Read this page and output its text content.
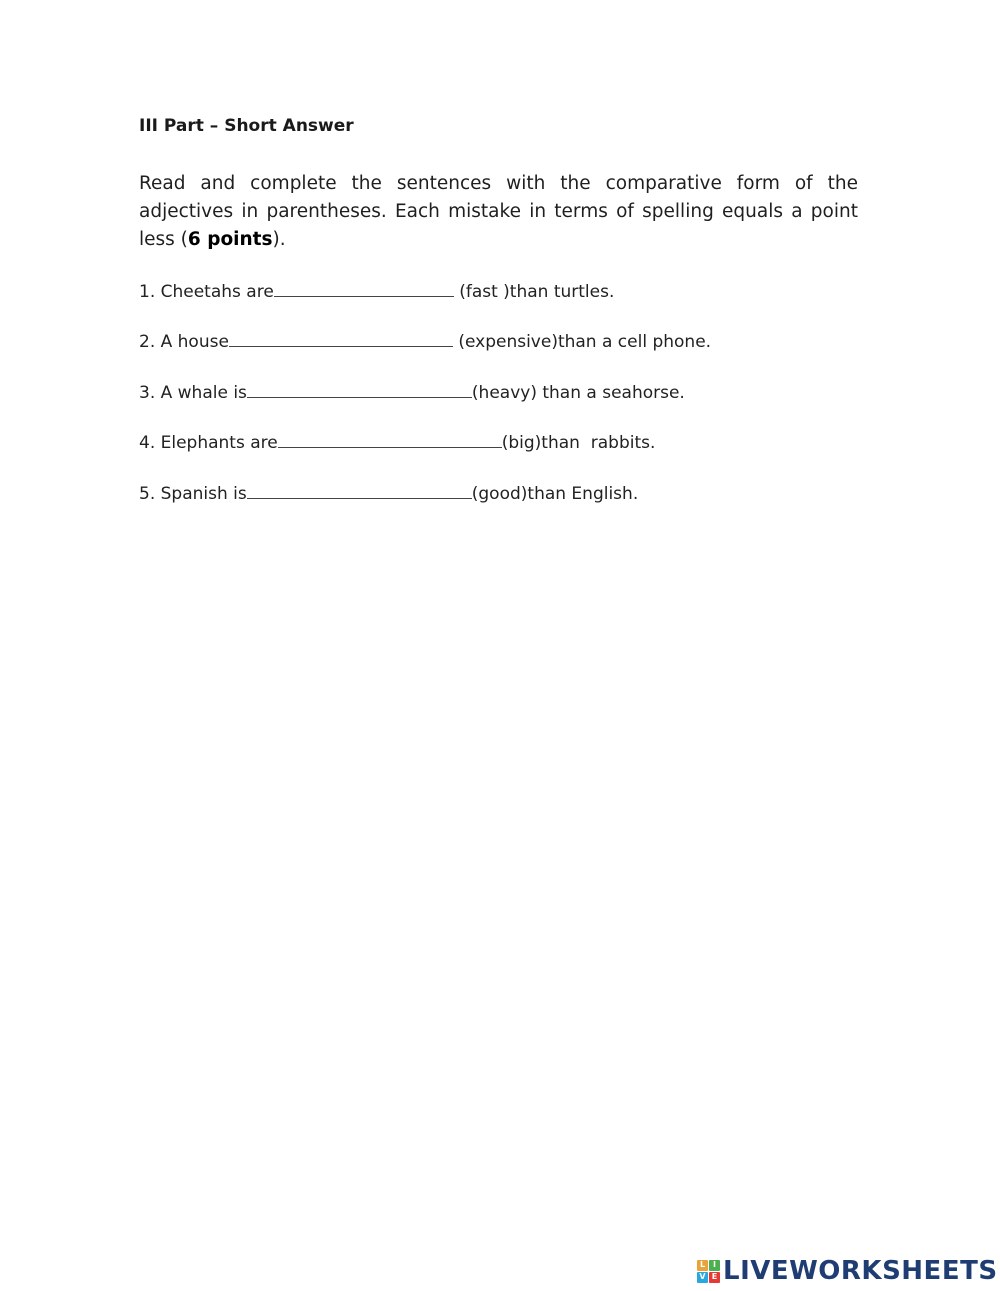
III Part – Short Answer
Read and complete the sentences with the comparative form of the adjectives in parentheses. Each mistake in terms of spelling equals a point less (6 points).
1. Cheetahs are	(fast )than turtles.
2. A house	(expensive)than a cell phone.
3. A whale is	(heavy) than a seahorse.
4. Elephants are	(big)than  rabbits.
5. Spanish is	(good)than English.
L I
V E LIVEWORKSHEETS
